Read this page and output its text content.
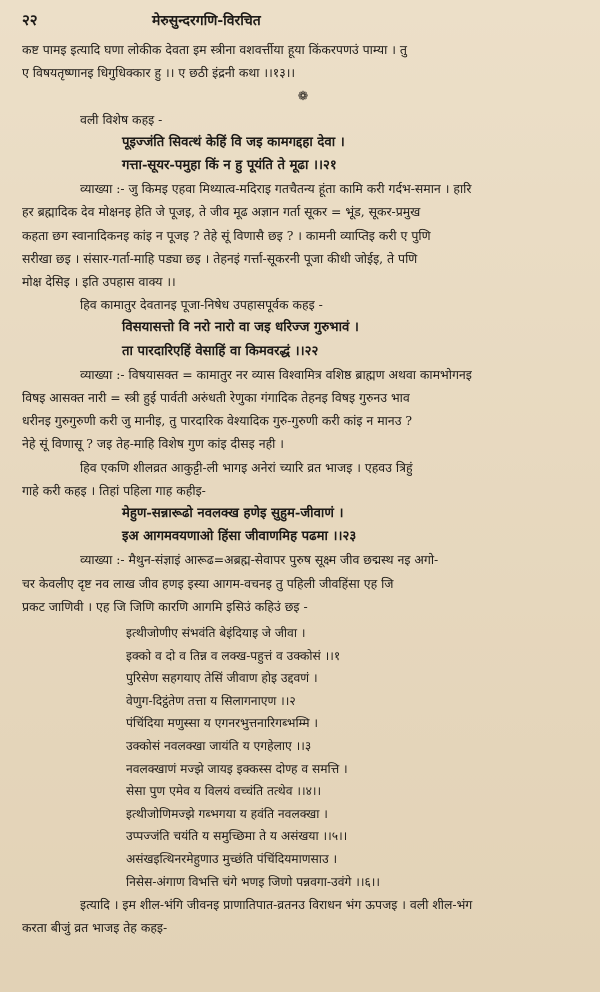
२२	मेरुसुन्दरगणि-विरचित
कष्ट पामइ इत्यादि घणा लोकीक देवता इम स्त्रीना वशवर्त्तीया हूया किंकरपणउं पाम्या । तु
ए विषयतृष्णानइ धिगुधिक्कार हु ।। ए छठी इंद्रनी कथा ।।१३।।
❁
वली विशेष कहइ -
पूइज्जंति सिवत्थं केहिं वि जइ कामगद्दहा देवा ।
गत्ता-सूयर-पमुहा किं न हु पूयंति ते मूढा ।।२१
व्याख्या :- जु किमइ एहवा मिथ्यात्व-मदिराइ गतचैतन्य हूंता कामि करी गर्दभ-समान । हारि
हर ब्रह्मादिक देव मोक्षनइ हेति जे पूजइ, ते जीव मूढ अज्ञान गर्ता सूकर = भूंड, सूकर-प्रमुख
कहता छग स्वानादिकनइ कांइ न पूजइ ? तेहे सूं विणासै छइ ? । कामनी व्याप्तिइ करी ए पुणि
सरीखा छइ । संसार-गर्ता-माहि पड्या छइ । तेहनइं गर्त्ता-सूकरनी पूजा कीधी जोईइ, ते पणि
मोक्ष देसिइ । इति उपहास वाक्य ।।
हिव कामातुर देवतानइ पूजा-निषेध उपहासपूर्वक कहइ -
विसयासत्तो वि नरो नारो वा जइ धरिज्ज गुरुभावं ।
ता पारदारिएहिं वेसाहिं वा किमवरद्धं ।।२२
व्याख्या :- विषयासक्त = कामातुर नर व्यास विश्वामित्र वशिष्ठ ब्राह्मण अथवा कामभोगनइ
विषइ आसक्त नारी = स्त्री हुई पार्वती अरुंधती रेणुका गंगादिक तेहनइ विषइ गुरुनउ भाव
धरीनइ गुरुगुरुणी करी जु मानीइ, तु पारदारिक वेश्यादिक गुरु-गुरुणी करी कांइ न मानउ ?
नेहे सूं विणासू ? जइ तेह-माहि विशेष गुण कांइ दीसइ नही ।
हिव एकणि शीलव्रत आकुट्टी-ली भागइ अनेरां च्यारि व्रत भाजइ । एहवउ त्रिहुं
गाहे करी कहइ । तिहां पहिला गाह कहीइ-
मेहुण-सन्नारूढो नवलक्ख हणेइ सुहुम-जीवाणं ।
इअ आगमवयणाओ हिंसा जीवाणमिह पढमा ।।२३
व्याख्या :- मैथुन-संज्ञाइं आरूढ=अब्रह्म-सेवापर पुरुष सूक्ष्म जीव छद्मस्थ नइ अगो-
चर केवलीए दृष्ट नव लाख जीव हणइ इस्या आगम-वचनइ तु पहिली जीवहिंसा एह जि
प्रकट जाणिवी । एह जि जिणि कारणि आगमि इसिउं कहिउं छइ -
इत्थीजोणीए संभवंति बेइंदियाइ जे जीवा ।
इक्को व दो व तिन्न व लक्ख-पहुत्तं व उक्कोसं ।।१
पुरिसेण सहगयाए तेसिं जीवाण होइ उद्दवणं ।
वेणुग-दिट्ठंतेण तत्ता य सिलागनाएण ।।२
पंचिंदिया मणुस्सा य एगनरभुत्तनारिगब्भम्मि ।
उक्कोसं नवलक्खा जायंति य एगहेलाए ।।३
नवलक्खाणं मज्झे जायइ इक्कस्स दोण्ह व समत्ति ।
सेसा पुण एमेव य विलयं वच्चंति तत्थेव ।।४।।
इत्थीजोणिमज्झे गब्भगया य हवंति नवलक्खा ।
उप्पज्जंति चयंति य समुच्छिमा ते य असंखया ।।५।।
असंखइत्थिनरमेहुणाउ मुच्छंति पंचिंदियमाणसाउ ।
निसेस-अंगाण विभत्ति चंगे भणइ जिणो पन्नवगा-उवंगे ।।६।।
इत्यादि । इम शील-भंगि जीवनइ प्राणातिपात-व्रतनउ विराधन भंग ऊपजइ । वली शील-भंग
करता बीजुं व्रत भाजइ तेह कहइ-
